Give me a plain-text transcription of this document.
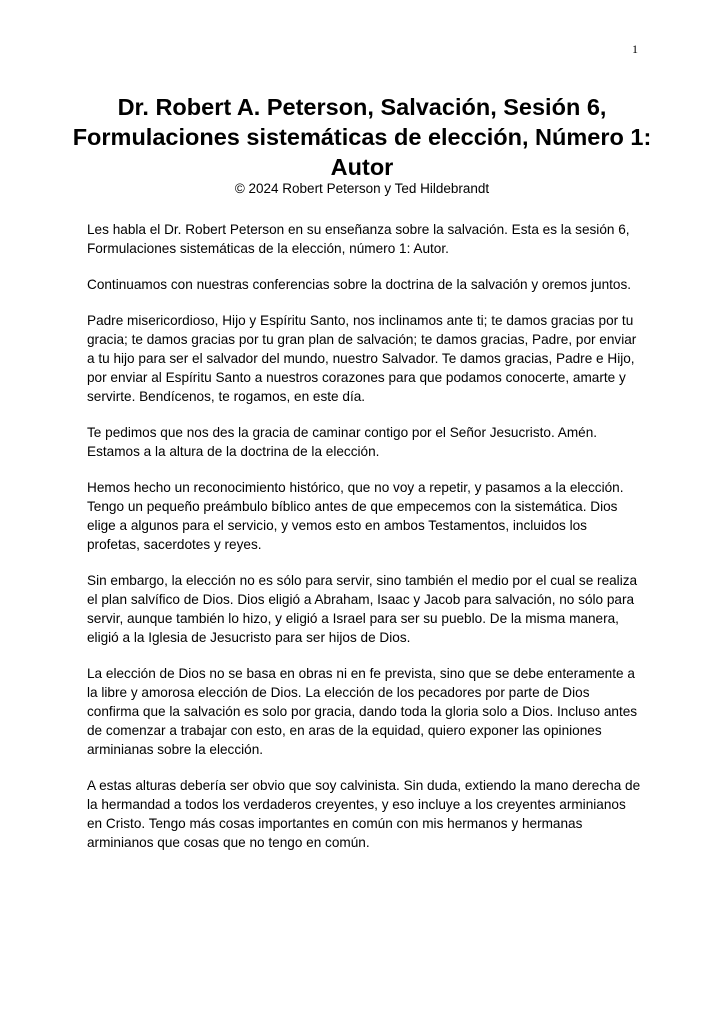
1
Dr. Robert A. Peterson, Salvación, Sesión 6, Formulaciones sistemáticas de elección, Número 1: Autor
© 2024 Robert Peterson y Ted Hildebrandt

Les habla el Dr. Robert Peterson en su enseñanza sobre la salvación. Esta es la sesión 6, Formulaciones sistemáticas de la elección, número 1: Autor.

Continuamos con nuestras conferencias sobre la doctrina de la salvación y oremos juntos.

Padre misericordioso, Hijo y Espíritu Santo, nos inclinamos ante ti; te damos gracias por tu gracia; te damos gracias por tu gran plan de salvación; te damos gracias, Padre, por enviar a tu hijo para ser el salvador del mundo, nuestro Salvador. Te damos gracias, Padre e Hijo, por enviar al Espíritu Santo a nuestros corazones para que podamos conocerte, amarte y servirte. Bendícenos, te rogamos, en este día.

Te pedimos que nos des la gracia de caminar contigo por el Señor Jesucristo. Amén. Estamos a la altura de la doctrina de la elección.

Hemos hecho un reconocimiento histórico, que no voy a repetir, y pasamos a la elección. Tengo un pequeño preámbulo bíblico antes de que empecemos con la sistemática. Dios elige a algunos para el servicio, y vemos esto en ambos Testamentos, incluidos los profetas, sacerdotes y reyes.

Sin embargo, la elección no es sólo para servir, sino también el medio por el cual se realiza el plan salvífico de Dios. Dios eligió a Abraham, Isaac y Jacob para salvación, no sólo para servir, aunque también lo hizo, y eligió a Israel para ser su pueblo. De la misma manera, eligió a la Iglesia de Jesucristo para ser hijos de Dios.

La elección de Dios no se basa en obras ni en fe prevista, sino que se debe enteramente a la libre y amorosa elección de Dios. La elección de los pecadores por parte de Dios confirma que la salvación es solo por gracia, dando toda la gloria solo a Dios. Incluso antes de comenzar a trabajar con esto, en aras de la equidad, quiero exponer las opiniones arminianas sobre la elección.

A estas alturas debería ser obvio que soy calvinista. Sin duda, extiendo la mano derecha de la hermandad a todos los verdaderos creyentes, y eso incluye a los creyentes arminianos en Cristo. Tengo más cosas importantes en común con mis hermanos y hermanas arminianos que cosas que no tengo en común.
